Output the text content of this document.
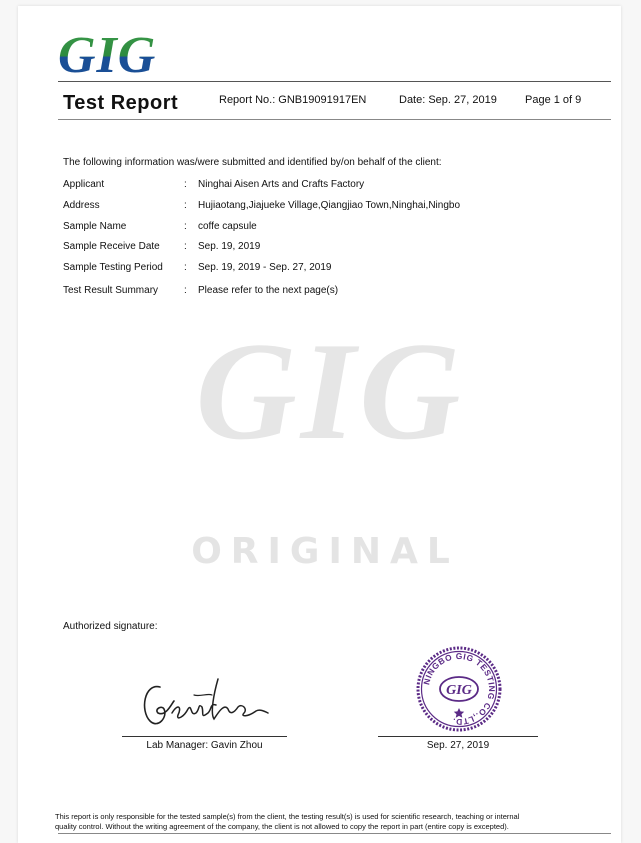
GIG
Test Report	Report No.: GNB19091917EN	Date: Sep. 27, 2019	Page 1 of 9
The following information was/were submitted and identified by/on behalf of the client:
Applicant	: Ninghai Aisen Arts and Crafts Factory
Address	: Hujiaotang,Jiajueke Village,Qiangjiao Town,Ninghai,Ningbo
Sample Name	: coffe capsule
Sample Receive Date : Sep. 19, 2019
Sample Testing Period : Sep. 19, 2019 - Sep. 27, 2019
Test Result Summary	: Please refer to the next page(s)
GIG
ORIGINAL
Authorized signature:
Lab Manager: Gavin Zhou	Sep. 27, 2019
NINGBO GIG TESTING CO.,LTD.
GIG
This report is only responsible for the tested sample(s) from the client, the testing result(s) is used for scientific research, teaching or internal
quality control. Without the writing agreement of the company, the client is not allowed to copy the report in part (entire copy is excepted).
